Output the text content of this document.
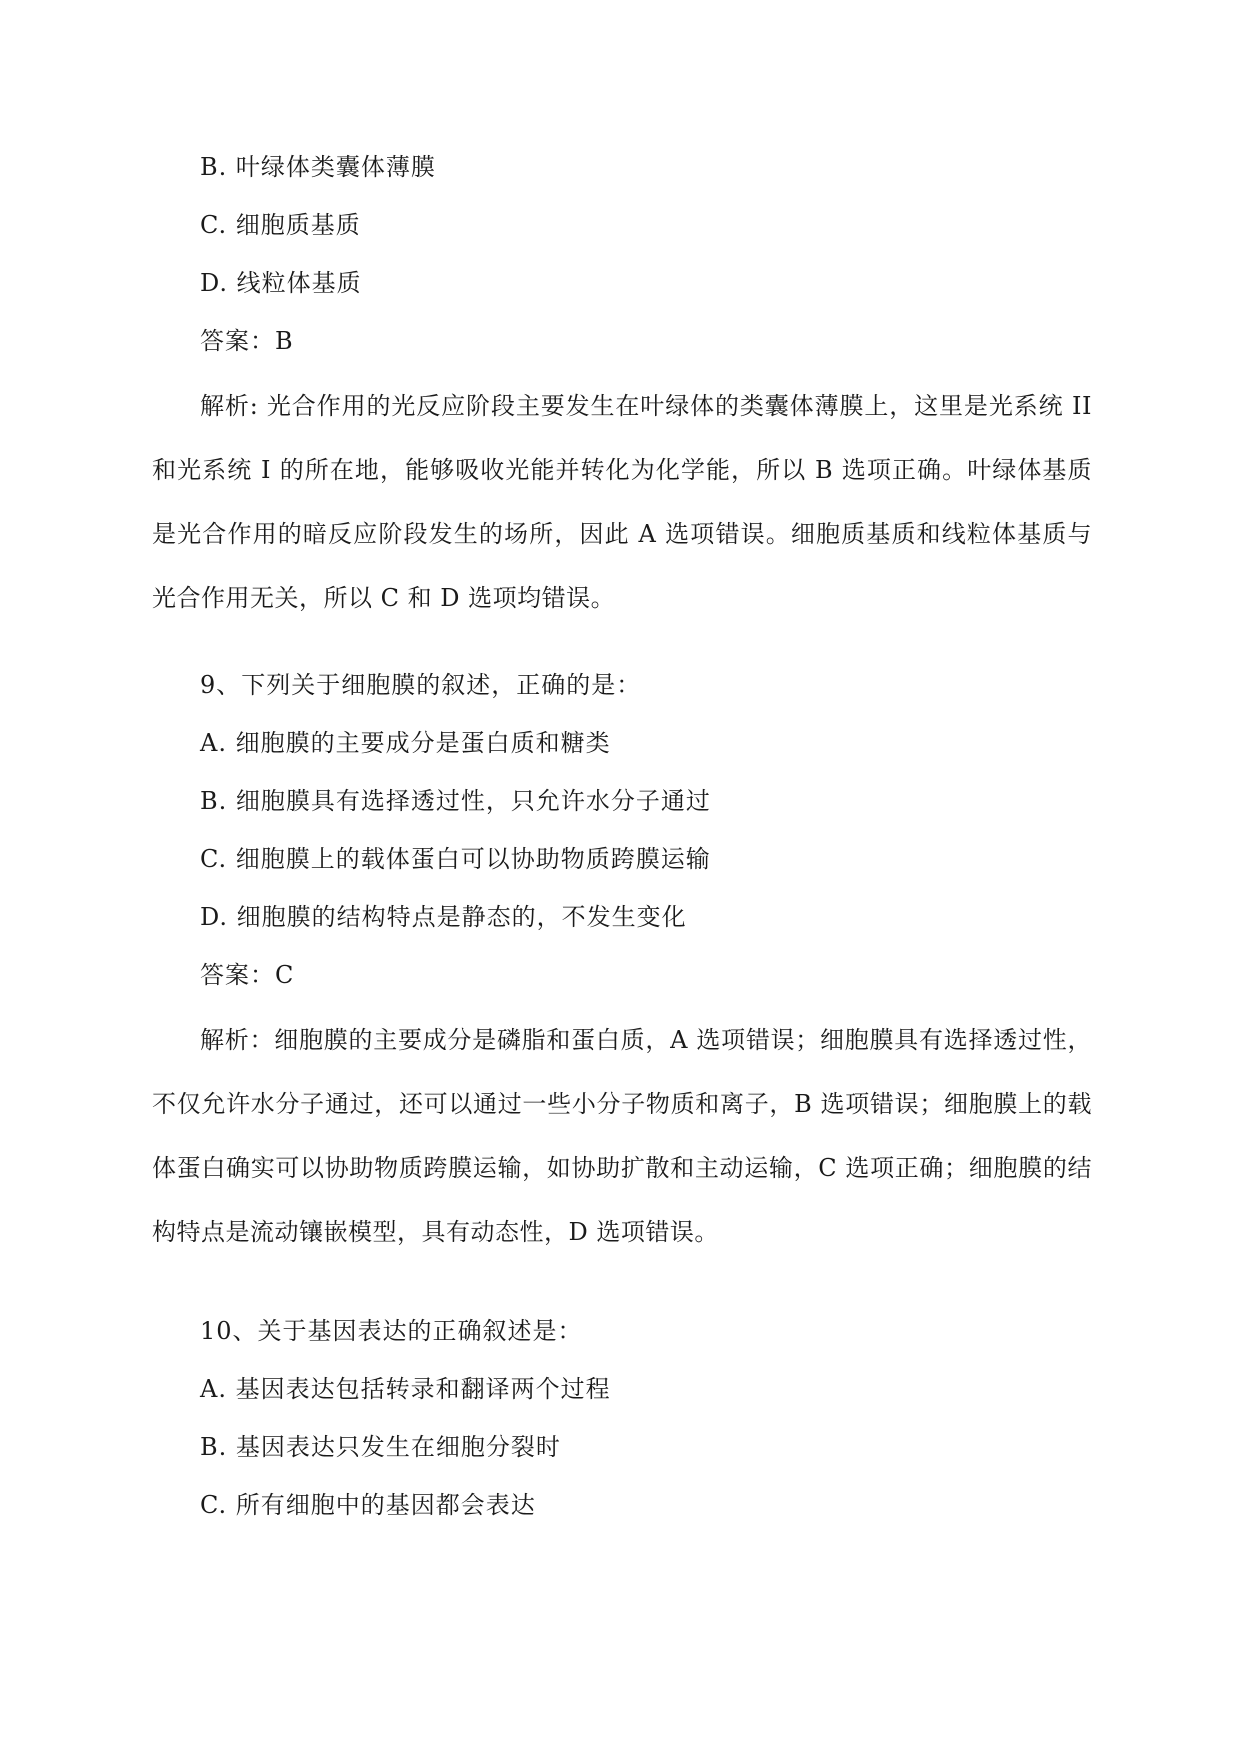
B. 叶绿体类囊体薄膜
C. 细胞质基质
D. 线粒体基质
答案：B
解析: 光合作用的光反应阶段主要发生在叶绿体的类囊体薄膜上，这里是光系统 II 和光系统 I 的所在地，能够吸收光能并转化为化学能，所以 B 选项正确。叶绿体基质是光合作用的暗反应阶段发生的场所，因此 A 选项错误。细胞质基质和线粒体基质与光合作用无关，所以 C 和 D 选项均错误。
9、下列关于细胞膜的叙述，正确的是：
A. 细胞膜的主要成分是蛋白质和糖类
B. 细胞膜具有选择透过性，只允许水分子通过
C. 细胞膜上的载体蛋白可以协助物质跨膜运输
D. 细胞膜的结构特点是静态的，不发生变化
答案：C
解析：细胞膜的主要成分是磷脂和蛋白质，A 选项错误；细胞膜具有选择透过性，不仅允许水分子通过，还可以通过一些小分子物质和离子，B 选项错误；细胞膜上的载体蛋白确实可以协助物质跨膜运输，如协助扩散和主动运输，C 选项正确；细胞膜的结构特点是流动镶嵌模型，具有动态性，D 选项错误。
10、关于基因表达的正确叙述是：
A. 基因表达包括转录和翻译两个过程
B. 基因表达只发生在细胞分裂时
C. 所有细胞中的基因都会表达
